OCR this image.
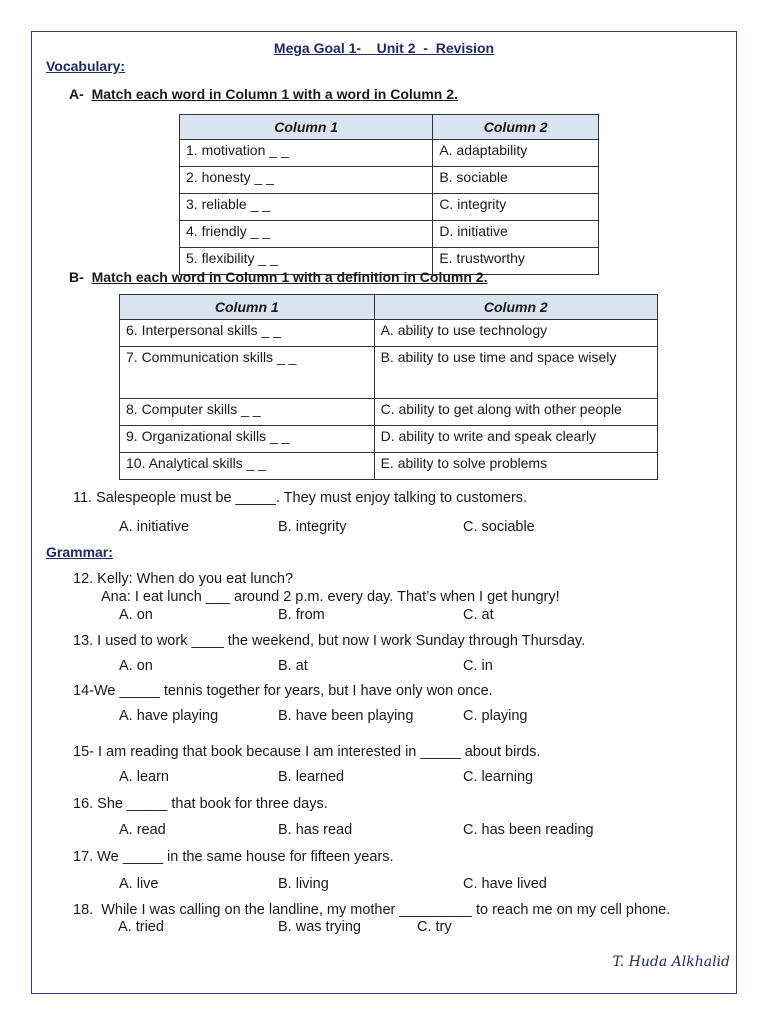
Mega Goal 1-    Unit 2  -  Revision
Vocabulary:
A- Match each word in Column 1 with a word in Column 2.
Column 1	Column 2
1. motivation _ _	A. adaptability
2. honesty _ _	B. sociable
3. reliable _ _	C. integrity
4. friendly _ _	D. initiative
5. flexibility _ _	E. trustworthy
B- Match each word in Column 1 with a definition in Column 2.
Column 1	Column 2
6. Interpersonal skills _ _	A. ability to use technology
7. Communication skills _ _	B. ability to use time and space wisely
8. Computer skills _ _	C. ability to get along with other people
9. Organizational skills _ _	D. ability to write and speak clearly
10. Analytical skills _ _	E. ability to solve problems
11. Salespeople must be _____. They must enjoy talking to customers.
A. initiative	B. integrity	C. sociable
Grammar:
12. Kelly: When do you eat lunch?
Ana: I eat lunch ___ around 2 p.m. every day. That’s when I get hungry!
A. on	B. from	C. at
13. I used to work ____ the weekend, but now I work Sunday through Thursday.
A. on	B. at	C. in
14-We _____ tennis together for years, but I have only won once.
A. have playing	B. have been playing	C. playing
15- I am reading that book because I am interested in _____ about birds.
A. learn	B. learned	C. learning
16. She _____ that book for three days.
A. read	B. has read	C. has been reading
17. We _____ in the same house for fifteen years.
A. live	B. living	C. have lived
18.  While I was calling on the landline, my mother _________ to reach me on my cell phone.
A. tried	B. was trying	C. try
T. Huda Alkhalid
